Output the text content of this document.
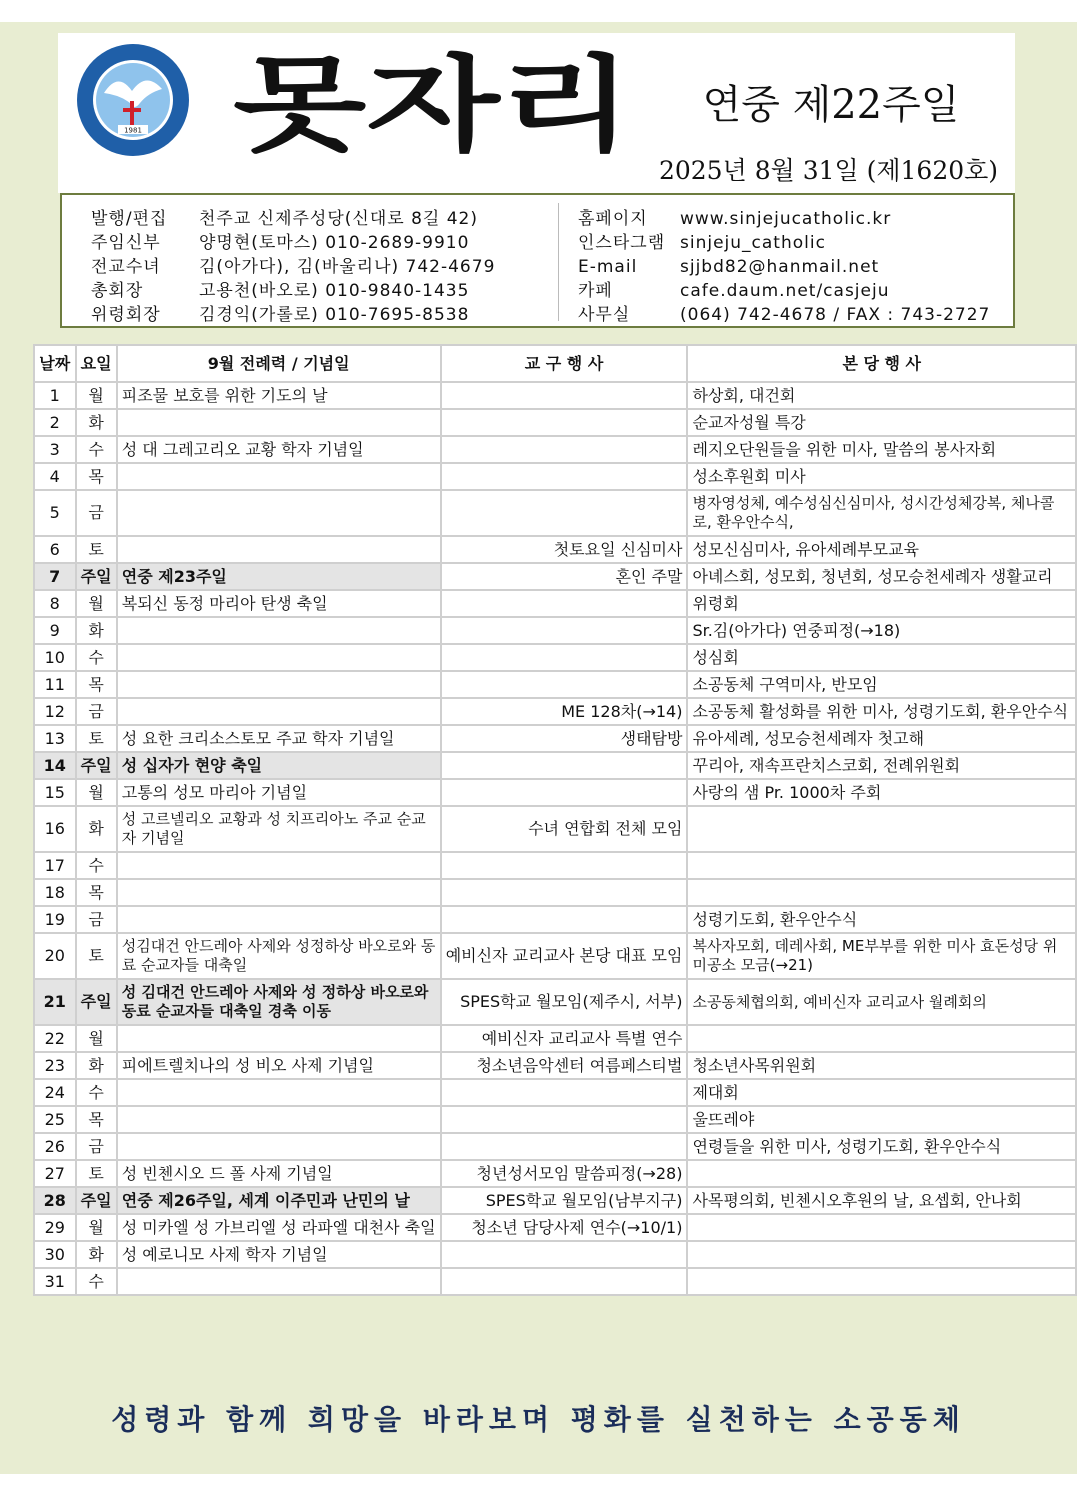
1981 못자리	연중 제22주일
2025년 8월 31일 (제1620호)
발행/편집 천주교 신제주성당(신대로 8길 42)
주임신부 양명현(토마스) 010-2689-9910
전교수녀 김(아가다), 김(바울리나) 742-4679
총회장	고용천(바오로) 010-9840-1435
위령회장 김경익(가롤로) 010-7695-8538
홈페이지 www.sinjejucatholic.kr
인스타그램 sinjeju_catholic
E-mail	sjjbd82@hanmail.net
카페	cafe.daum.net/casjeju
사무실	(064) 742-4678 / FAX : 743-2727
날짜	요일	9월 전례력 / 기념일	교 구 행 사	본 당 행 사
1	월	피조물 보호를 위한 기도의 날		하상회, 대건회
2	화			순교자성월 특강
3	수	성 대 그레고리오 교황 학자 기념일		레지오단원들을 위한 미사, 말씀의 봉사자회
4	목			성소후원회 미사
5	금			병자영성체, 예수성심신심미사, 성시간성체강복, 체나콜로, 환우안수식,
6	토		첫토요일 신심미사	성모신심미사, 유아세례부모교육
7	주일	연중 제23주일	혼인 주말	아녜스회, 성모회, 청년회, 성모승천세례자 생활교리
8	월	복되신 동정 마리아 탄생 축일		위령회
9	화			Sr.김(아가다) 연중피정(→18)
10	수			성심회
11	목			소공동체 구역미사, 반모임
12	금		ME 128차(→14)	소공동체 활성화를 위한 미사, 성령기도회, 환우안수식
13	토	성 요한 크리소스토모 주교 학자 기념일	생태탐방	유아세례, 성모승천세례자 첫고해
14	주일	성 십자가 현양 축일		꾸리아, 재속프란치스코회, 전례위원회
15	월	고통의 성모 마리아 기념일		사랑의 샘 Pr. 1000차 주회
16	화	성 고르넬리오 교황과 성 치프리아노 주교 순교자 기념일	수녀 연합회 전체 모임	
17	수			
18	목			
19	금			성령기도회, 환우안수식
20	토	성김대건 안드레아 사제와 성정하상 바오로와 동료 순교자들 대축일	예비신자 교리교사 본당 대표 모임	복사자모회, 데레사회, ME부부를 위한 미사 효돈성당 위미공소 모금(→21)
21	주일	성 김대건 안드레아 사제와 성 정하상 바오로와 동료 순교자들 대축일 경축 이동	SPES학교 월모임(제주시, 서부)	소공동체협의회, 예비신자 교리교사 월례회의
22	월		예비신자 교리교사 특별 연수	
23	화	피에트렐치나의 성 비오 사제 기념일	청소년음악센터 여름페스티벌	청소년사목위원회
24	수			제대회
25	목			울뜨레야
26	금			연령들을 위한 미사, 성령기도회, 환우안수식
27	토	성 빈첸시오 드 폴 사제 기념일	청년성서모임 말씀피정(→28)	
28	주일	연중 제26주일, 세계 이주민과 난민의 날	SPES학교 월모임(남부지구)	사목평의회, 빈첸시오후원의 날, 요셉회, 안나회
29	월	성 미카엘 성 가브리엘 성 라파엘 대천사 축일	청소년 담당사제 연수(→10/1)	
30	화	성 예로니모 사제 학자 기념일		
31	수			
성령과 함께 희망을 바라보며 평화를 실천하는 소공동체
